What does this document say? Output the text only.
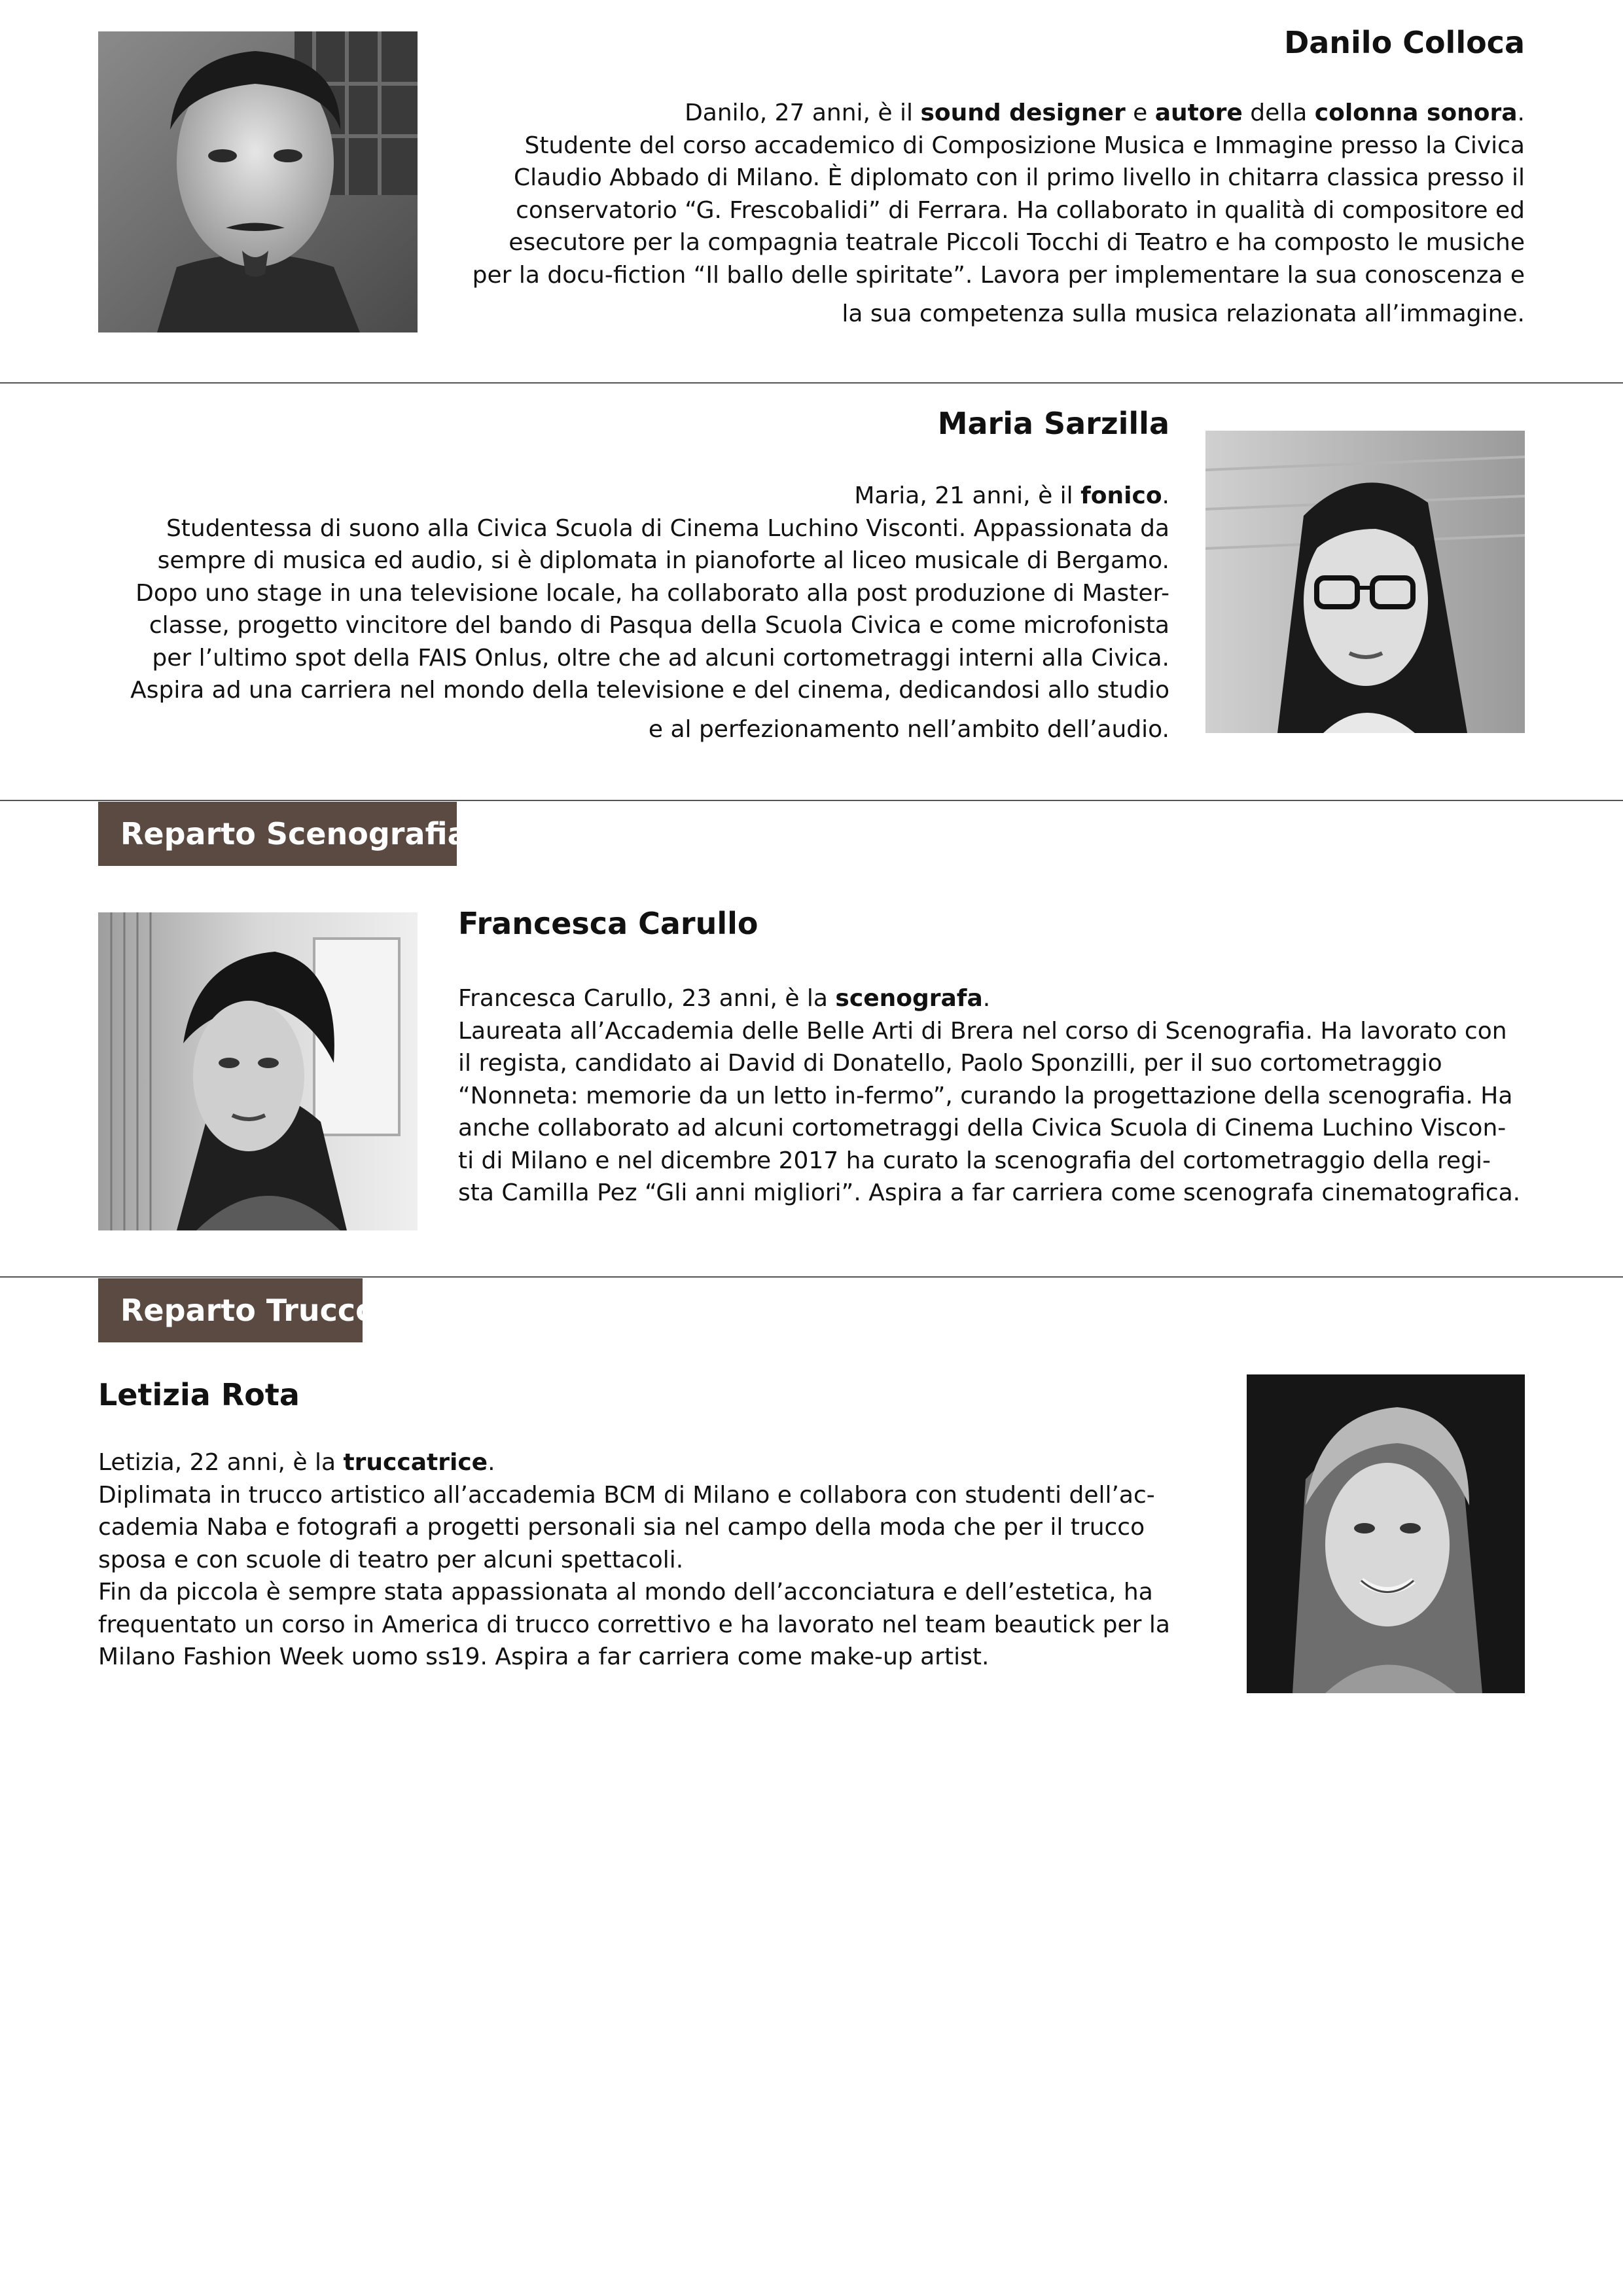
Danilo Colloca

Danilo, 27 anni, è il sound designer e autore della colonna sonora.

Studente del corso accademico di Composizione Musica e Immagine presso la Civica

Claudio Abbado di Milano. È diplomato con il primo livello in chitarra classica presso il

conservatorio “G. Frescobalidi” di Ferrara. Ha collaborato in qualità di compositore ed

esecutore per la compagnia teatrale Piccoli Tocchi di Teatro e ha composto le musiche

per la docu-fiction “Il ballo delle spiritate”. Lavora per implementare la sua conoscenza e

la sua competenza sulla musica relazionata all’immagine.

Maria Sarzilla

Maria, 21 anni, è il fonico.

Studentessa di suono alla Civica Scuola di Cinema Luchino Visconti. Appassionata da

sempre di musica ed audio, si è diplomata in pianoforte al liceo musicale di Bergamo.

Dopo uno stage in una televisione locale, ha collaborato alla post produzione di Master-

classe, progetto vincitore del bando di Pasqua della Scuola Civica e come microfonista

per l’ultimo spot della FAIS Onlus, oltre che ad alcuni cortometraggi interni alla Civica.

Aspira ad una carriera nel mondo della televisione e del cinema, dedicandosi allo studio

e al perfezionamento nell’ambito dell’audio.

Reparto Scenografia
Francesca Carullo

Francesca Carullo, 23 anni, è la scenografa.

Laureata all’Accademia delle Belle Arti di Brera nel corso di Scenografia. Ha lavorato con

il regista, candidato ai David di Donatello, Paolo Sponzilli, per il suo cortometraggio

“Nonneta: memorie da un letto in-fermo”, curando la progettazione della scenografia. Ha

anche collaborato ad alcuni cortometraggi della Civica Scuola di Cinema Luchino Viscon-

ti di Milano e nel dicembre 2017 ha curato la scenografia del cortometraggio della regi-

sta Camilla Pez “Gli anni migliori”. Aspira a far carriera come scenografa cinematografica.

Reparto Trucco
Letizia Rota

Letizia, 22 anni, è la truccatrice.

Diplimata in trucco artistico all’accademia BCM di Milano e collabora con studenti dell’ac-

cademia Naba e fotografi a progetti personali sia nel campo della moda che per il trucco

sposa e con scuole di teatro per alcuni spettacoli.

Fin da piccola è sempre stata appassionata al mondo dell’acconciatura e dell’estetica, ha

frequentato un corso in America di trucco correttivo e ha lavorato nel team beautick per la

Milano Fashion Week uomo ss19. Aspira a far carriera come make-up artist.
